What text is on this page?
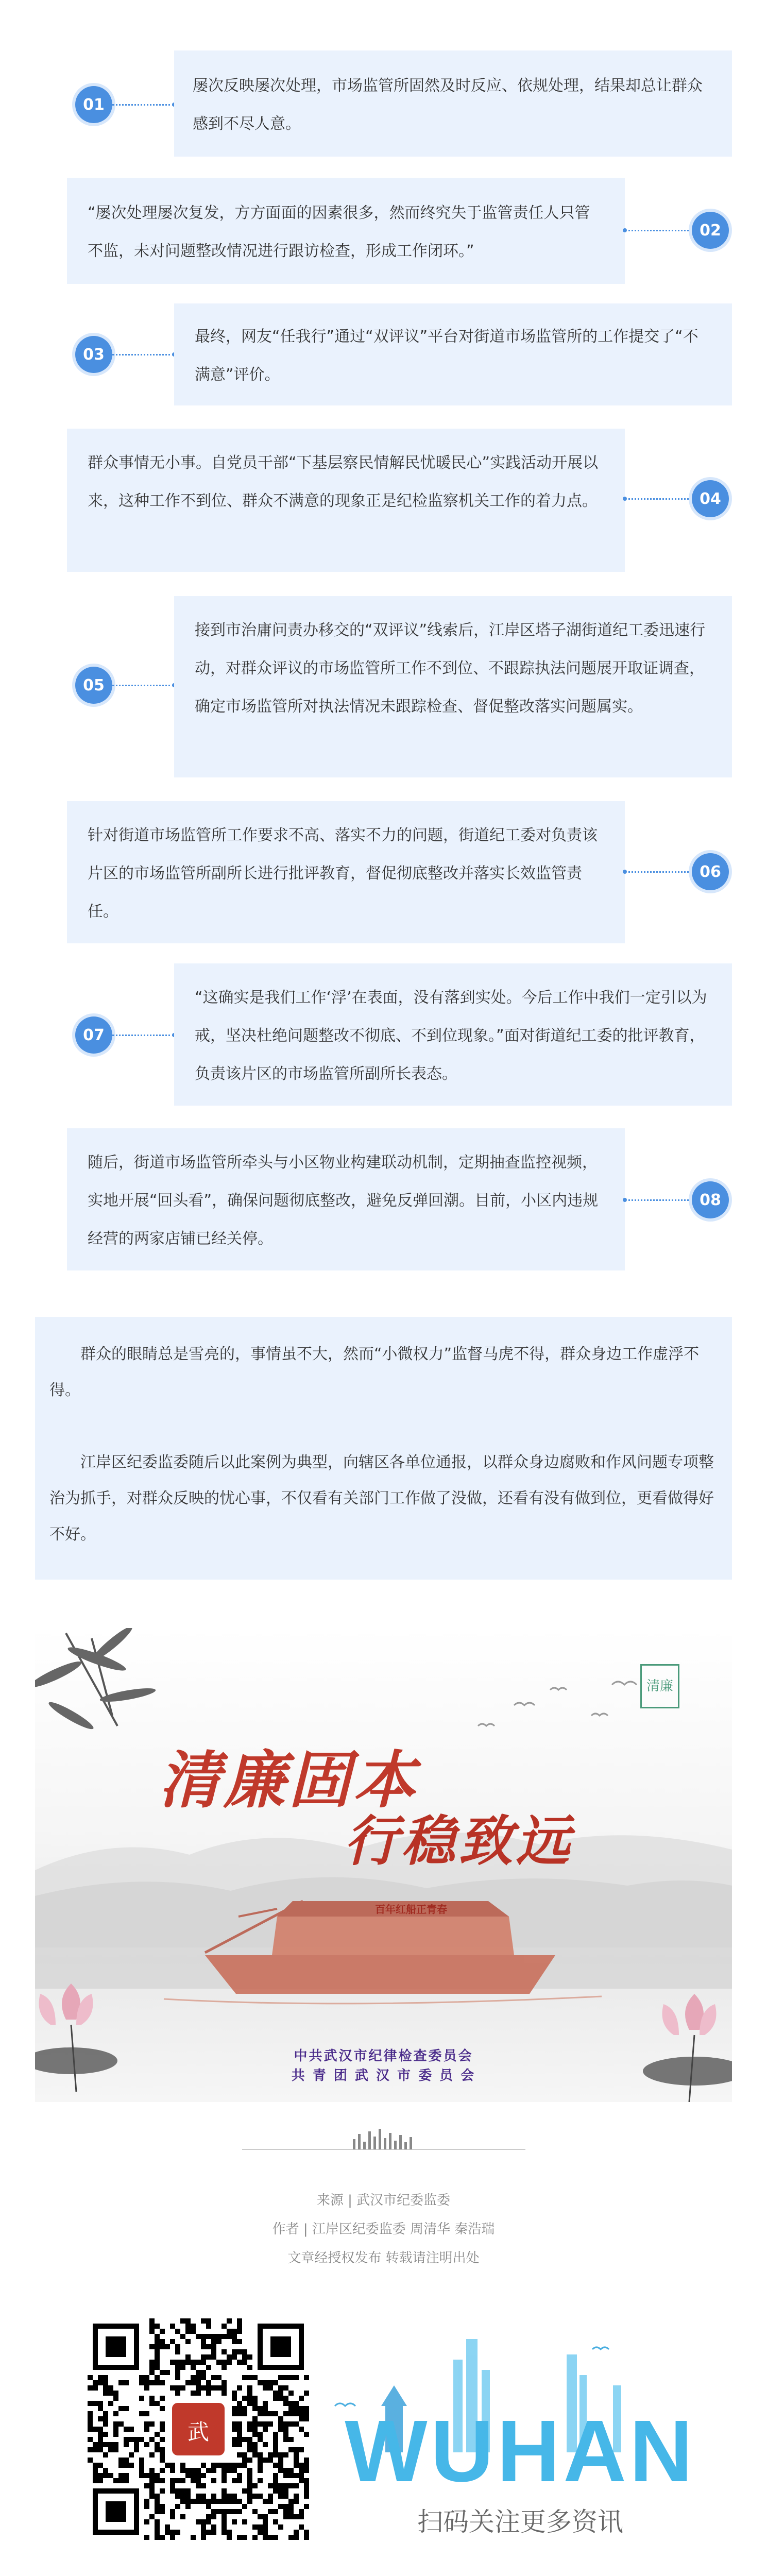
01
屡次反映屡次处理，市场监管所固然及时反应、依规处理，结果却总让群众感到不尽人意。
“屡次处理屡次复发，方方面面的因素很多，然而终究失于监管责任人只管不监，未对问题整改情况进行跟访检查，形成工作闭环。”
02
03
最终，网友“任我行”通过“双评议”平台对街道市场监管所的工作提交了“不满意”评价。
群众事情无小事。自党员干部“下基层察民情解民忧暖民心”实践活动开展以来，这种工作不到位、群众不满意的现象正是纪检监察机关工作的着力点。	04
05
接到市治庸问责办移交的“双评议”线索后，江岸区塔子湖街道纪工委迅速行动，对群众评议的市场监管所工作不到位、不跟踪执法问题展开取证调查，确定市场监管所对执法情况未跟踪检查、督促整改落实问题属实。
针对街道市场监管所工作要求不高、落实不力的问题，街道纪工委对负责该片区的市场监管所副所长进行批评教育，督促彻底整改并落实长效监管责任。
06
07
“这确实是我们工作‘浮’在表面，没有落到实处。今后工作中我们一定引以为戒，坚决杜绝问题整改不彻底、不到位现象。”面对街道纪工委的批评教育，负责该片区的市场监管所副所长表态。
随后，街道市场监管所牵头与小区物业构建联动机制，定期抽查监控视频，实地开展“回头看”，确保问题彻底整改，避免反弹回潮。目前，小区内违规经营的两家店铺已经关停。
08

群众的眼睛总是雪亮的，事情虽不大，然而“小微权力”监督马虎不得，群众身边工作虚浮不得。

江岸区纪委监委随后以此案例为典型，向辖区各单位通报，以群众身边腐败和作风问题专项整治为抓手，对群众反映的忧心事，不仅看有关部门工作做了没做，还看有没有做到位，更看做得好不好。

清廉
清廉固本
行稳致远
百年红船正青春
中共武汉市纪律检查委员会
共 青 团 武 汉 市 委 员 会
来源 | 武汉市纪委监委
作者 | 江岸区纪委监委 周清华 秦浩瑞
文章经授权发布 转载请注明出处
武 WUHAN
扫码关注更多资讯
